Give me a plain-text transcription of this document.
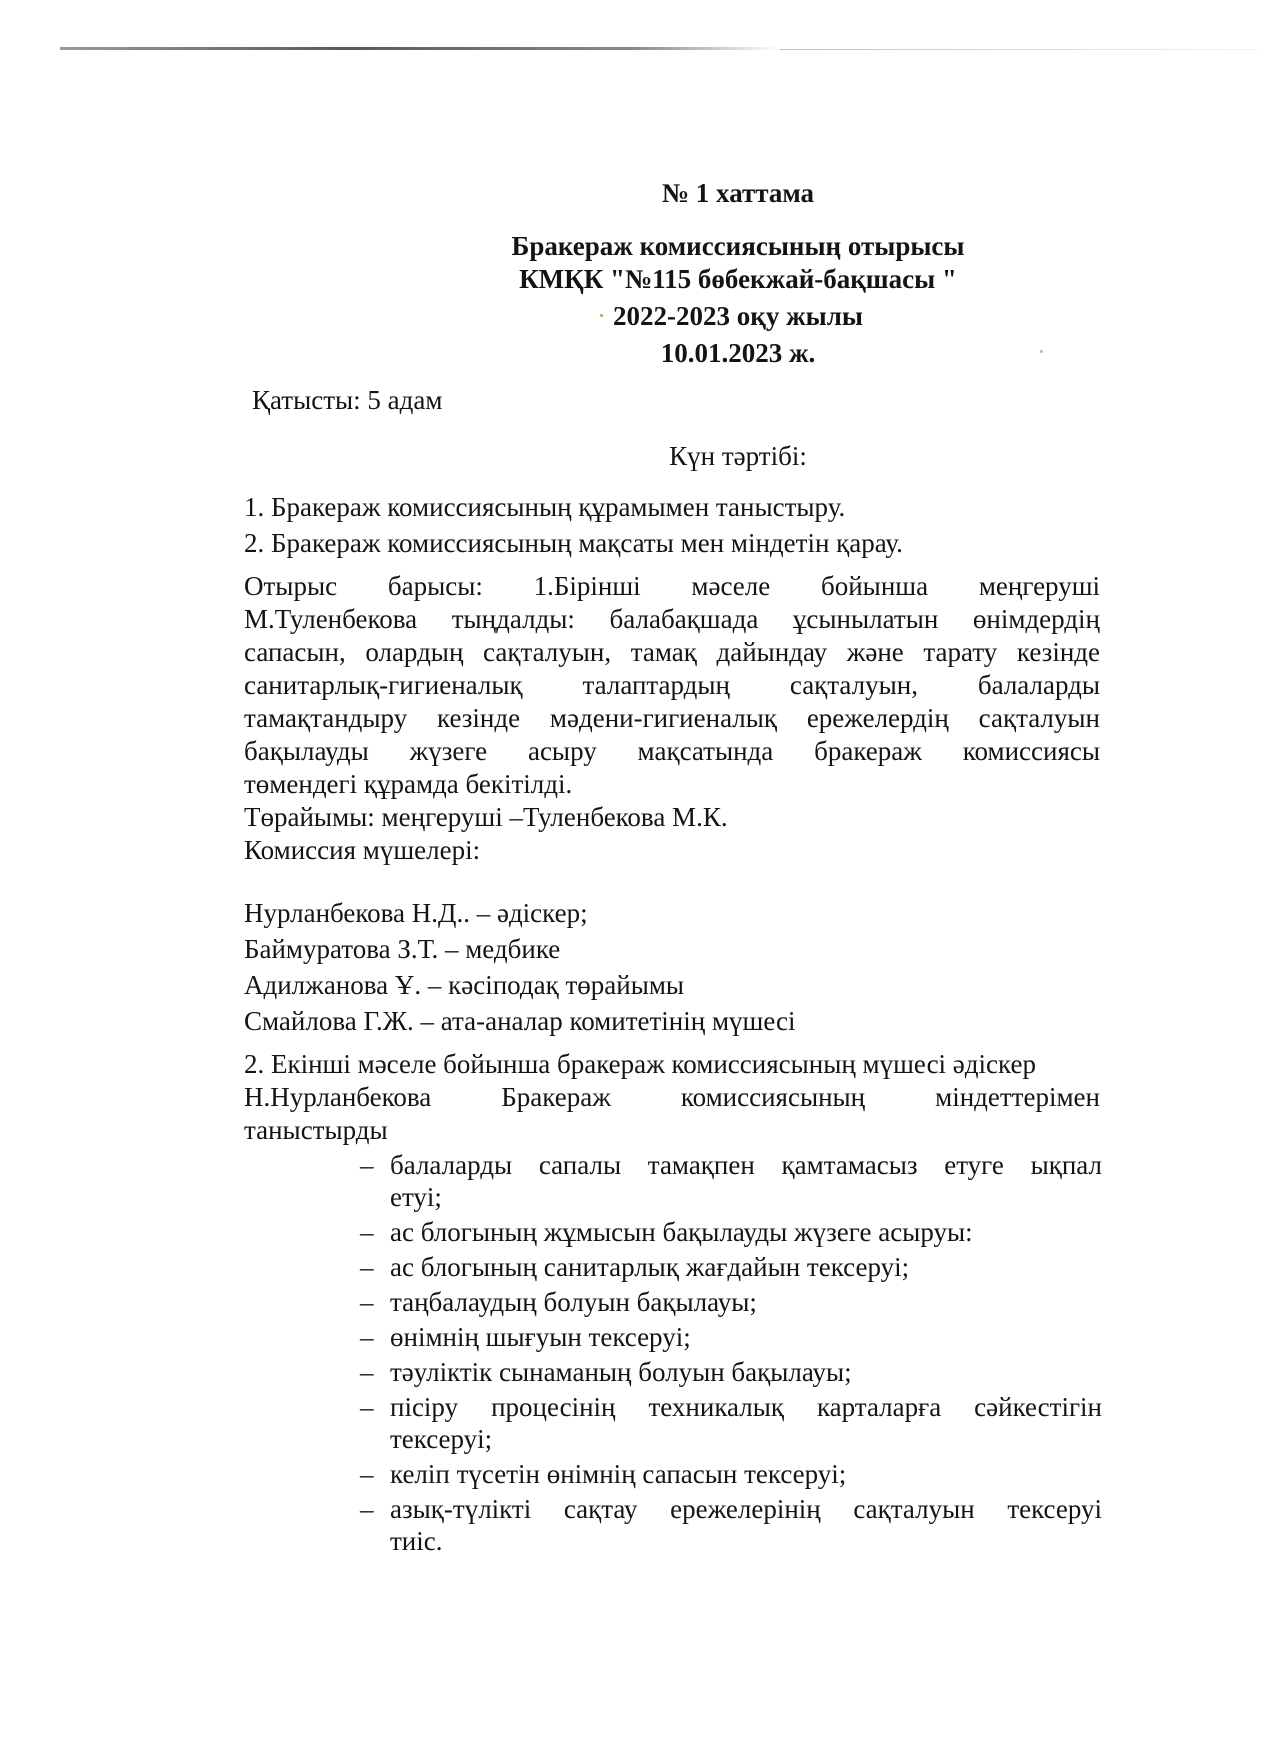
№ 1 хаттама
Бракераж комиссиясының отырысы
КМҚК "№115 бөбекжай-бақшасы "
2022-2023 оқу жылы
10.01.2023 ж.
Қатысты: 5 адам
Күн тәртібі:
1. Бракераж комиссиясының құрамымен таныстыру.
2. Бракераж комиссиясының мақсаты мен міндетін қарау.
Отырыс барысы: 1.Бірінші мәселе бойынша меңгеруші
М.Туленбекова тыңдалды: балабақшада ұсынылатын өнімдердің
сапасын, олардың сақталуын, тамақ дайындау және тарату кезінде
санитарлық-гигиеналық талаптардың сақталуын, балаларды
тамақтандыру кезінде мәдени-гигиеналық ережелердің сақталуын
бақылауды жүзеге асыру мақсатында бракераж комиссиясы
төмендегі құрамда бекітілді.
Төрайымы: меңгеруші –Туленбекова М.К.
Комиссия мүшелері:
Нурланбекова Н.Д.. – әдіскер;
Баймуратова З.Т. – медбике
Адилжанова Ұ. – кәсіподақ төрайымы
Смайлова Г.Ж. – ата-аналар комитетінің мүшесі
2. Екінші мәселе бойынша бракераж комиссиясының мүшесі әдіскер
Н.Нурланбекова Бракераж комиссиясының міндеттерімен
таныстырды
– балаларды сапалы тамақпен қамтамасыз етуге ықпал
етуі;
– ас блогының жұмысын бақылауды жүзеге асыруы:
– ас блогының санитарлық жағдайын тексеруі;
– таңбалаудың болуын бақылауы;
– өнімнің шығуын тексеруі;
– тәуліктік сынаманың болуын бақылауы;
– пісіру процесінің техникалық карталарға сәйкестігін
тексеруі;
– келіп түсетін өнімнің сапасын тексеруі;
– азық-түлікті сақтау ережелерінің сақталуын тексеруі
тиіс.
